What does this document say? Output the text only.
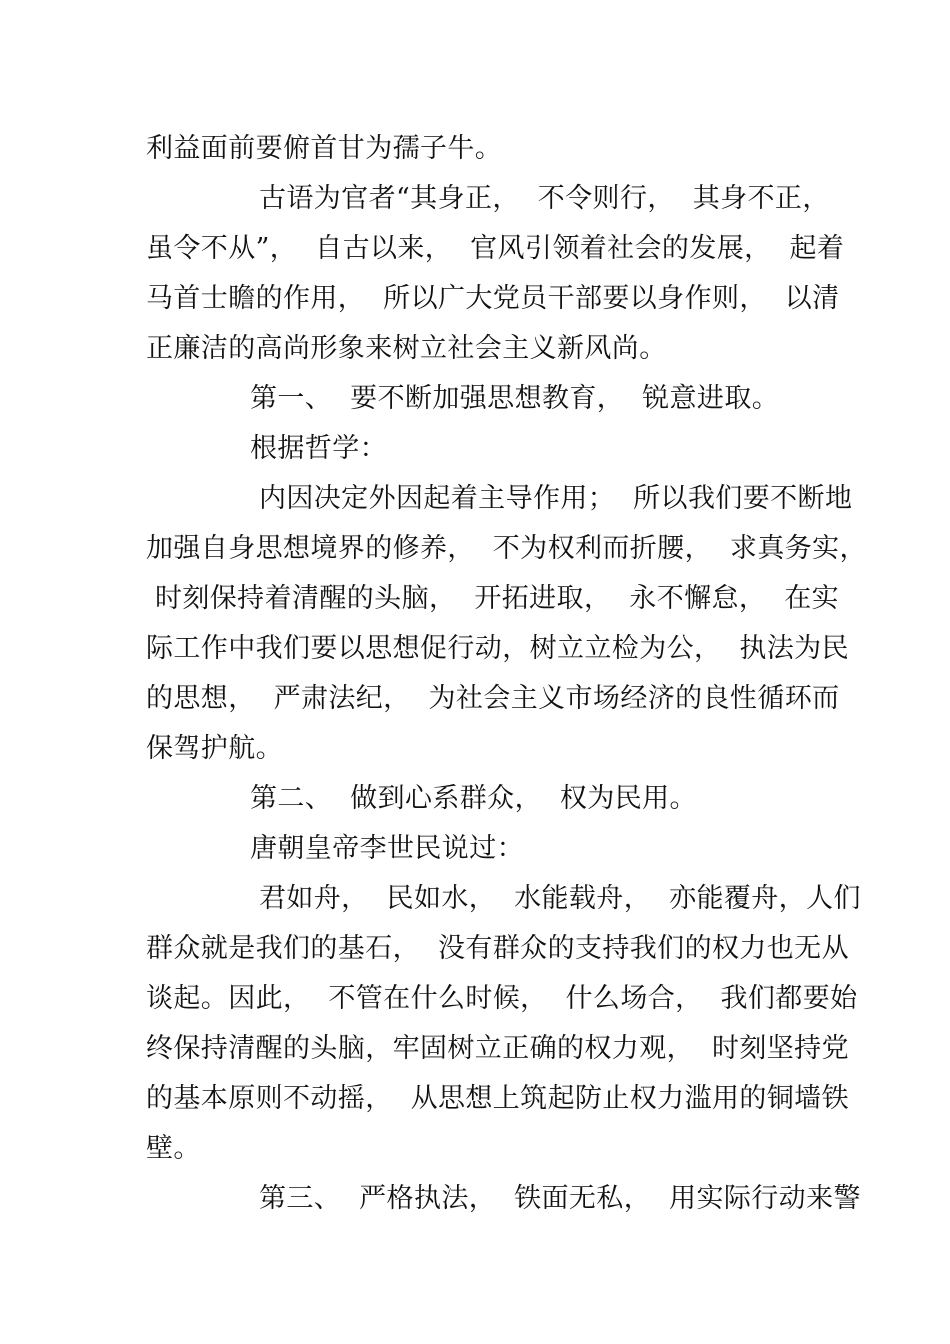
利益面前要俯首甘为孺子牛。
古语为官者“其身正，  不令则行，  其身不正，
虽令不从”，  自古以来，  官风引领着社会的发展，  起着
马首士瞻的作用，  所以广大党员干部要以身作则，  以清
正廉洁的高尚形象来树立社会主义新风尚。
第一、  要不断加强思想教育，  锐意进取。
根据哲学：
内因决定外因起着主导作用；  所以我们要不断地
加强自身思想境界的修养，  不为权利而折腰，  求真务实，
时刻保持着清醒的头脑，  开拓进取，  永不懈怠，  在实
际工作中我们要以思想促行动，树立立检为公，  执法为民
的思想，  严肃法纪，  为社会主义市场经济的良性循环而
保驾护航。
第二、  做到心系群众，  权为民用。
唐朝皇帝李世民说过：
君如舟，  民如水，  水能载舟，  亦能覆舟，人们
群众就是我们的基石，  没有群众的支持我们的权力也无从
谈起。因此，  不管在什么时候，  什么场合，  我们都要始
终保持清醒的头脑，牢固树立正确的权力观，  时刻坚持党
的基本原则不动摇，  从思想上筑起防止权力滥用的铜墙铁
壁。
第三、  严格执法，  铁面无私，  用实际行动来警
